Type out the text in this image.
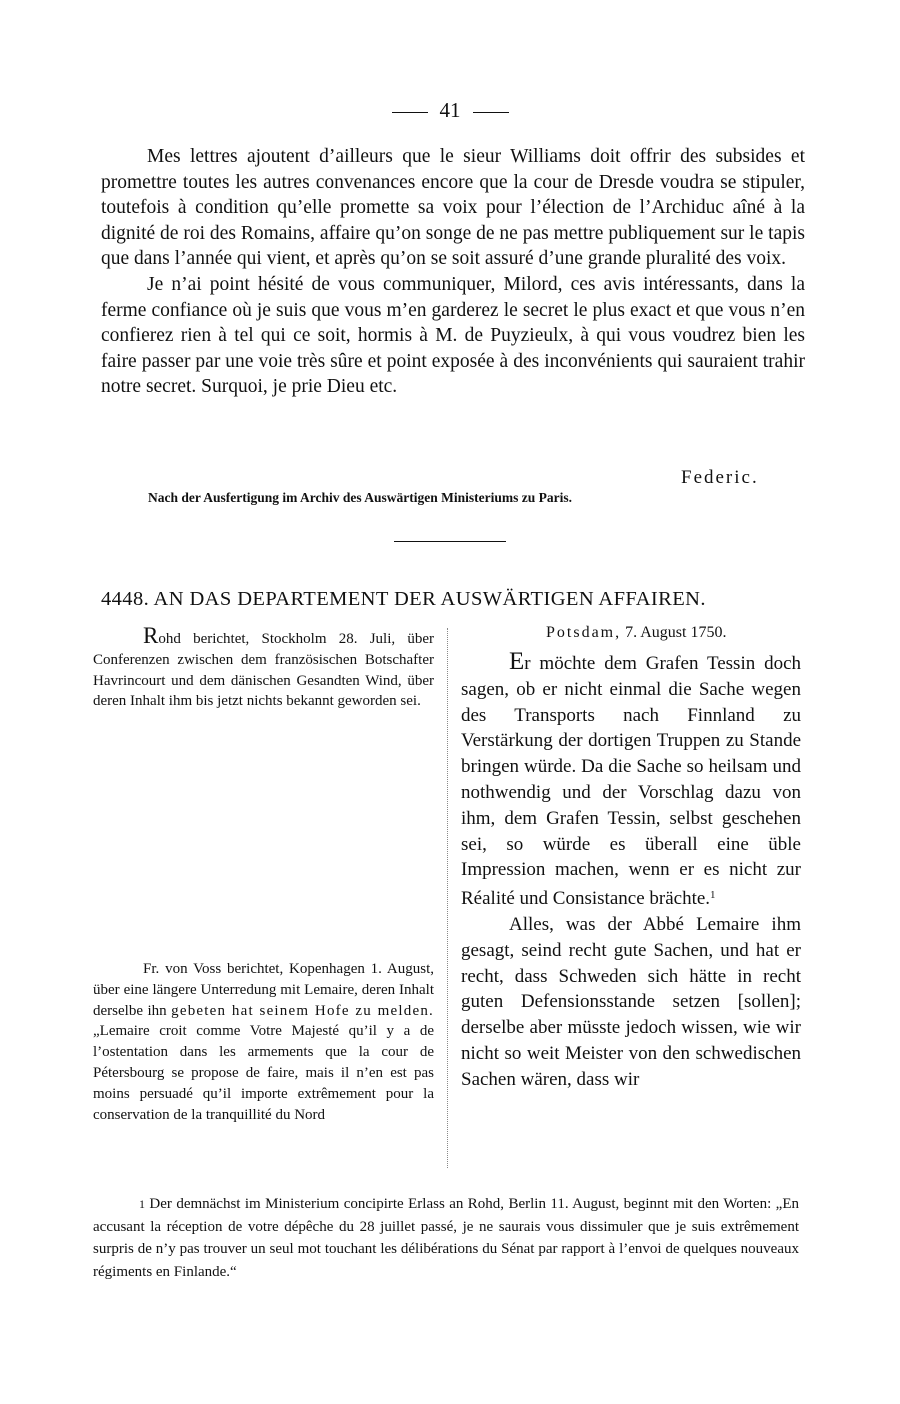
41

Mes lettres ajoutent d’ailleurs que le sieur Williams doit offrir des subsides et promettre toutes les autres convenances encore que la cour de Dresde voudra se stipuler, toutefois à condition qu’elle promette sa voix pour l’élection de l’Archiduc aîné à la dignité de roi des Romains, affaire qu’on songe de ne pas mettre publiquement sur le tapis que dans l’année qui vient, et après qu’on se soit assuré d’une grande pluralité des voix.

Je n’ai point hésité de vous communiquer, Milord, ces avis intéressants, dans la ferme confiance où je suis que vous m’en garderez le secret le plus exact et que vous n’en confierez rien à tel qui ce soit, hormis à M. de Puyzieulx, à qui vous voudrez bien les faire passer par une voie très sûre et point exposée à des inconvénients qui sauraient trahir notre secret. Surquoi, je prie Dieu etc.

Federic.
Nach der Ausfertigung im Archiv des Auswärtigen Ministeriums zu Paris.
4448. AN DAS DEPARTEMENT DER AUSWÄRTIGEN AFFAIREN.

Rohd berichtet, Stockholm 28. Juli, über Conferenzen zwischen dem französischen Botschafter Havrincourt und dem dänischen Gesandten Wind, über deren Inhalt ihm bis jetzt nichts bekannt geworden sei.

Fr. von Voss berichtet, Kopenhagen 1. August, über eine längere Unterredung mit Lemaire, deren Inhalt derselbe ihn gebeten hat seinem Hofe zu melden. „Lemaire croit comme Votre Majesté qu’il y a de l’ostentation dans les armements que la cour de Pétersbourg se propose de faire, mais il n’en est pas moins persuadé qu’il importe extrêmement pour la conservation de la tranquillité du Nord

Potsdam, 7. August 1750.

Er möchte dem Grafen Tessin doch sagen, ob er nicht einmal die Sache wegen des Transports nach Finnland zu Verstärkung der dortigen Truppen zu Stande bringen würde. Da die Sache so heilsam und nothwendig und der Vorschlag dazu von ihm, dem Grafen Tessin, selbst geschehen sei, so würde es überall eine üble Impression machen, wenn er es nicht zur Réalité und Consistance brächte.$^1$

Alles, was der Abbé Lemaire ihm gesagt, seind recht gute Sachen, und hat er recht, dass Schweden sich hätte in recht guten Defensionsstande setzen [sollen]; derselbe aber müsste jedoch wissen, wie wir nicht so weit Meister von den schwedischen Sachen wären, dass wir

1 Der demnächst im Ministerium concipirte Erlass an Rohd, Berlin 11. August, beginnt mit den Worten: „En accusant la réception de votre dépêche du 28 juillet passé, je ne saurais vous dissimuler que je suis extrêmement surpris de n’y pas trouver un seul mot touchant les délibérations du Sénat par rapport à l’envoi de quelques nouveaux régiments en Finlande.“
